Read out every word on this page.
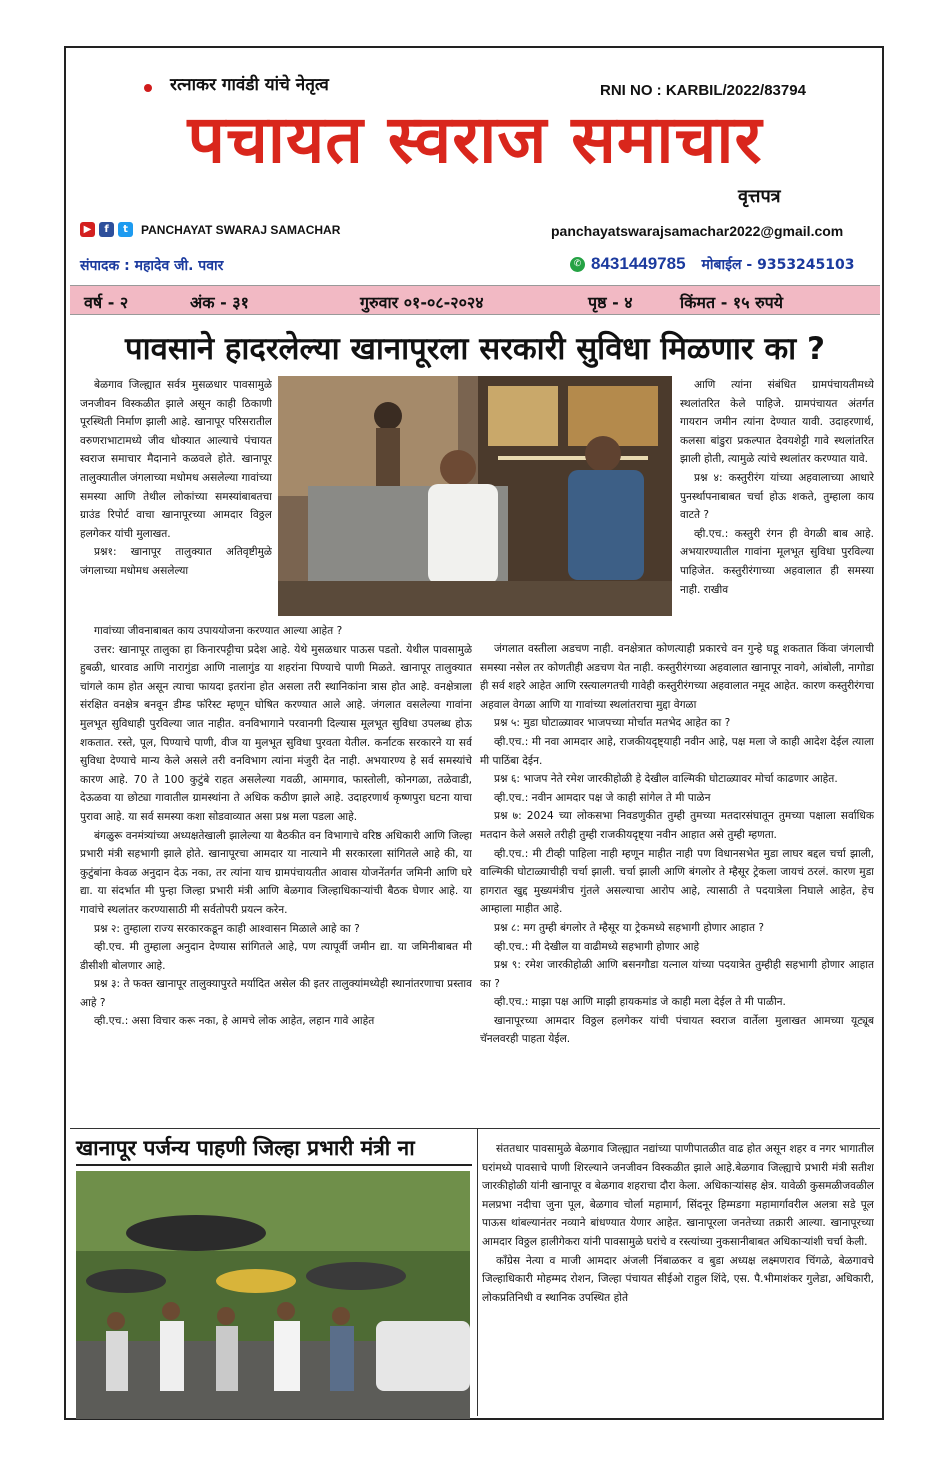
रत्नाकर गावंडी यांचे नेतृत्व	RNI NO : KARBIL/2022/83794
पचायत स्वराज समाचार
वृत्तपत्र
▶	f	t	PANCHAYAT SWARAJ SAMACHAR	panchayatswarajsamachar2022@gmail.com
संपादक : महादेव जी. पवार	✆ 8431449785 मोबाईल - 9353245103
वर्ष - २	अंक - ३१	गुरुवार ०१-०८-२०२४	पृष्ठ - ४	किंमत - १५ रुपये
पावसाने हादरलेल्या खानापूरला सरकारी सुविधा मिळणार का ?

बेळगाव जिल्ह्यात सर्वत्र मुसळधार पावसामुळे जनजीवन विस्कळीत झाले असून काही ठिकाणी पूरस्थिती निर्माण झाली आहे. खानापूर परिसरातील वरुणराभाटामध्ये जीव धोक्यात आल्याचे पंचायत स्वराज समाचार मैदानाने कळवले होते. खानापूर तालुक्यातील जंगलाच्या मधोमध असलेल्या गावांच्या समस्या आणि तेथील लोकांच्या समस्यांबाबतचा ग्राउंड रिपोर्ट वाचा खानापूरच्या आमदार विठ्ठल हलगेकर यांची मुलाखत.

प्रश्न१: खानापूर तालुक्यात अतिवृष्टीमुळे जंगलाच्या मधोमध असलेल्या

आणि त्यांना संबंधित ग्रामपंचायतीमध्ये स्थलांतरित केले पाहिजे. ग्रामपंचायत अंतर्गत गायरान जमीन त्यांना देण्यात यावी. उदाहरणार्थ, कलसा बांडुरा प्रकल्पात देवयशेट्टी गावे स्थलांतरित झाली होती, त्यामुळे त्यांचे स्थलांतर करण्यात यावे.

प्रश्न ४: कस्तुरीरंग यांच्या अहवालाच्या आधारे पुनर्स्थापनाबाबत चर्चा होऊ शकते, तुम्हाला काय वाटते ?

व्ही.एच.: कस्तुरी रंगन ही वेगळी बाब आहे. अभयारण्यातील गावांना मूलभूत सुविधा पुरविल्या पाहिजेत. कस्तुरीरंगाच्या अहवालात ही समस्या नाही. राखीव

गावांच्या जीवनाबाबत काय उपाययोजना करण्यात आल्या आहेत ?

उत्तर: खानापूर तालुका हा किनारपट्टीचा प्रदेश आहे. येथे मुसळधार पाऊस पडतो. येथील पावसामुळे हुबळी, धारवाड आणि नारागुंडा आणि नालागुंड या शहरांना पिण्याचे पाणी मिळते. खानापूर तालुक्यात चांगले काम होत असून त्याचा फायदा इतरांना होत असला तरी स्थानिकांना त्रास होत आहे. वनक्षेत्राला संरक्षित वनक्षेत्र बनवून डीम्ड फॉरेस्ट म्हणून घोषित करण्यात आले आहे. जंगलात वसलेल्या गावांना मुलभूत सुविधाही पुरविल्या जात नाहीत. वनविभागाने परवानगी दिल्यास मूलभूत सुविधा उपलब्ध होऊ शकतात. रस्ते, पूल, पिण्याचे पाणी, वीज या मुलभूत सुविधा पुरवता येतील. कर्नाटक सरकारने या सर्व सुविधा देण्याचे मान्य केले असले तरी वनविभाग त्यांना मंजुरी देत नाही. अभयारण्य हे सर्व समस्यांचे कारण आहे. 70 ते 100 कुटुंबे राहत असलेल्या गवळी, आमगाव, फास्तोली, कोनगळा, तळेवाडी, देऊळवा या छोट्या गावातील ग्रामस्थांना ते अधिक कठीण झाले आहे. उदाहरणार्थ कृष्णपुरा घटना याचा पुरावा आहे. या सर्व समस्या कशा सोडवाव्यात असा प्रश्न मला पडला आहे.

बंगळुरू वनमंत्र्यांच्या अध्यक्षतेखाली झालेल्या या बैठकीत वन विभागाचे वरिष्ठ अधिकारी आणि जिल्हा प्रभारी मंत्री सहभागी झाले होते. खानापूरचा आमदार या नात्याने मी सरकारला सांगितले आहे की, या कुटुंबांना केवळ अनुदान देऊ नका, तर त्यांना याच ग्रामपंचायतीत आवास योजनेंतर्गत जमिनी आणि घरे द्या. या संदर्भात मी पुन्हा जिल्हा प्रभारी मंत्री आणि बेळगाव जिल्हाधिकाऱ्यांची बैठक घेणार आहे. या गावांचे स्थलांतर करण्यासाठी मी सर्वतोपरी प्रयत्न करेन.

प्रश्न २: तुम्हाला राज्य सरकारकडून काही आश्वासन मिळाले आहे का ?

व्ही.एच. मी तुम्हाला अनुदान देण्यास सांगितले आहे, पण त्यापूर्वी जमीन द्या. या जमिनीबाबत मी डीसीशी बोलणार आहे.

प्रश्न ३: ते फक्त खानापूर तालुक्यापुरते मर्यादित असेल की इतर तालुक्यांमध्येही स्थानांतरणाचा प्रस्ताव आहे ?

व्ही.एच.: असा विचार करू नका, हे आमचे लोक आहेत, लहान गावे आहेत

जंगलात वस्तीला अडचण नाही. वनक्षेत्रात कोणत्याही प्रकारचे वन गुन्हे घडू शकतात किंवा जंगलाची समस्या नसेल तर कोणतीही अडचण येत नाही. कस्तुरीरंगच्या अहवालात खानापूर नावगे, आंबोली, नागोडा ही सर्व शहरे आहेत आणि रस्त्यालगतची गावेही कस्तुरीरंगच्या अहवालात नमूद आहेत. कारण कस्तुरीरंगचा अहवाल वेगळा आणि या गावांच्या स्थलांतराचा मुद्दा वेगळा

प्रश्न ५: मुडा घोटाळ्यावर भाजपच्या मोर्चात मतभेद आहेत का ?

व्ही.एच.: मी नवा आमदार आहे, राजकीयदृष्ट्याही नवीन आहे, पक्ष मला जे काही आदेश देईल त्याला मी पाठिंबा देईन.

प्रश्न ६: भाजप नेते रमेश जारकीहोळी हे देखील वाल्मिकी घोटाळ्यावर मोर्चा काढणार आहेत.

व्ही.एच.: नवीन आमदार पक्ष जे काही सांगेल ते मी पाळेन

प्रश्न ७: 2024 च्या लोकसभा निवडणुकीत तुम्ही तुमच्या मतदारसंघातून तुमच्या पक्षाला सर्वाधिक मतदान केले असले तरीही तुम्ही राजकीयदृष्ट्या नवीन आहात असे तुम्ही म्हणता.

व्ही.एच.: मी टीव्ही पाहिला नाही म्हणून माहीत नाही पण विधानसभेत मुडा लाघर बद्दल चर्चा झाली, वाल्मिकी घोटाळ्याचीही चर्चा झाली. चर्चा झाली आणि बंगलोर ते म्हैसूर ट्रेकला जायचं ठरलं. कारण मुडा हागरात खुद्द मुख्यमंत्रीच गुंतले असल्याचा आरोप आहे, त्यासाठी ते पदयात्रेला निघाले आहेत, हेच आम्हाला माहीत आहे.

प्रश्न ८: मग तुम्ही बंगलोर ते म्हैसूर या ट्रेकमध्ये सहभागी होणार आहात ?

व्ही.एच.: मी देखील या वाढीमध्ये सहभागी होणार आहे

प्रश्न ९: रमेश जारकीहोळी आणि बसनगौडा यत्नाल यांच्या पदयात्रेत तुम्हीही सहभागी होणार आहात का ?

व्ही.एच.: माझा पक्ष आणि माझी हायकमांड जे काही मला देईल ते मी पाळीन.

खानापूरच्या आमदार विठ्ठल हलगेकर यांची पंचायत स्वराज वार्तेला मुलाखत आमच्या यूट्यूब चॅनलवरही पाहता येईल.

खानापूर पर्जन्य पाहणी जिल्हा प्रभारी मंत्री ना	संततधार पावसामुळे बेळगाव जिल्ह्यात नद्यांच्या पाणीपातळीत वाढ होत असून शहर व नगर भागातील घरांमध्ये पावसाचे पाणी शिरल्याने जनजीवन विस्कळीत झाले आहे.बेळगाव जिल्ह्याचे प्रभारी मंत्री सतीश जारकीहोळी यांनी खानापूर व बेळगाव शहराचा दौरा केला. अधिकाऱ्यांसह क्षेत्र. यावेळी कुसमळीजवळील मलप्रभा नदीचा जुना पूल, बेळगाव चोर्ला महामार्ग, सिंदनूर हिम्मडगा महामार्गावरील अलत्रा सडे पूल पाऊस थांबल्यानंतर नव्याने बांधण्यात येणार आहेत. खानापूरला जनतेच्या तक्रारी आल्या. खानापूरच्या आमदार विठ्ठल हालीगेकरा यांनी पावसामुळे घरांचे व रस्त्यांच्या नुकसानीबाबत अधिकाऱ्यांशी चर्चा केली.

काँग्रेस नेत्या व माजी आमदार अंजली निंबाळकर व बुडा अध्यक्ष लक्ष्मणराव चिंगळे, बेळगावचे जिल्हाधिकारी मोहम्मद रोशन, जिल्हा पंचायत सीईओ राहुल शिंदे, एस. पै.भीमाशंकर गुलेडा, अधिकारी, लोकप्रतिनिधी व स्थानिक उपस्थित होते
